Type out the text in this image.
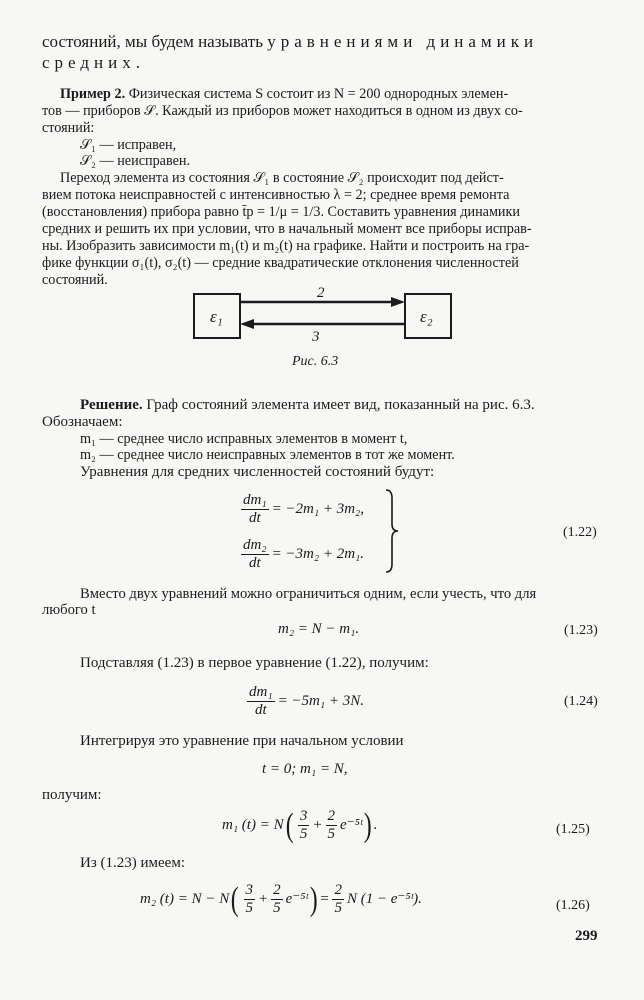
состояний, мы будем называть уравнениями динамики
средних.
Пример 2. Физическая система S состоит из N = 200 однородных элемен-
тов — приборов 𝒮. Каждый из приборов может находиться в одном из двух со-
стояний:
𝒮₁ — исправен,
𝒮₂ — неисправен.
Переход элемента из состояния 𝒮₁ в состояние 𝒮₂ происходит под дейст-
вием потока неисправностей с интенсивностью λ = 2; среднее время ремонта
(восстановления) прибора равно t̄р = 1/μ = 1/3. Составить уравнения динамики
средних и решить их при условии, что в начальный момент все приборы исправ-
ны. Изобразить зависимости m₁(t) и m₂(t) на графике. Найти и построить на гра-
фике функции σ₁(t), σ₂(t) — средние квадратические отклонения численностей
состояний.
ε₁	ε₂
2
3
Рис. 6.3
Решение. Граф состояний элемента имеет вид, показанный на рис. 6.3.
Обозначаем:
m₁ — среднее число исправных элементов в момент t,
m₂ — среднее число неисправных элементов в тот же момент.
Уравнения для средних численностей состояний будут:
$\frac{\text{dm₁}}{dt} = -2m_1 + 3m_2$,
$\frac{\text{dm₂}}{dt} = -3m_2 + 2m_1$.
(1.22)
Вместо двух уравнений можно ограничиться одним, если учесть, что для
любого t
m₂ = N − m₁.	(1.23)
Подставляя (1.23) в первое уравнение (1.22), получим:
$\frac{\text{dm₁}}{dt} = -5m_1 + 3N$.	(1.24)
Интегрируя это уравнение при начальном условии
t = 0; m₁ = N,
получим:
m₁ $(t) = N( \frac{3}{5} + \frac{2}{5}$ e⁻⁵ᵗ) .	(1.25)
Из (1.23) имеем:
m₂ $(t) = N - N( \frac{3}{5} + \frac{2}{5}$ e⁻⁵ᵗ) = $\frac{2}{5}$ N (1 − e⁻⁵ᵗ).	(1.26)
299
